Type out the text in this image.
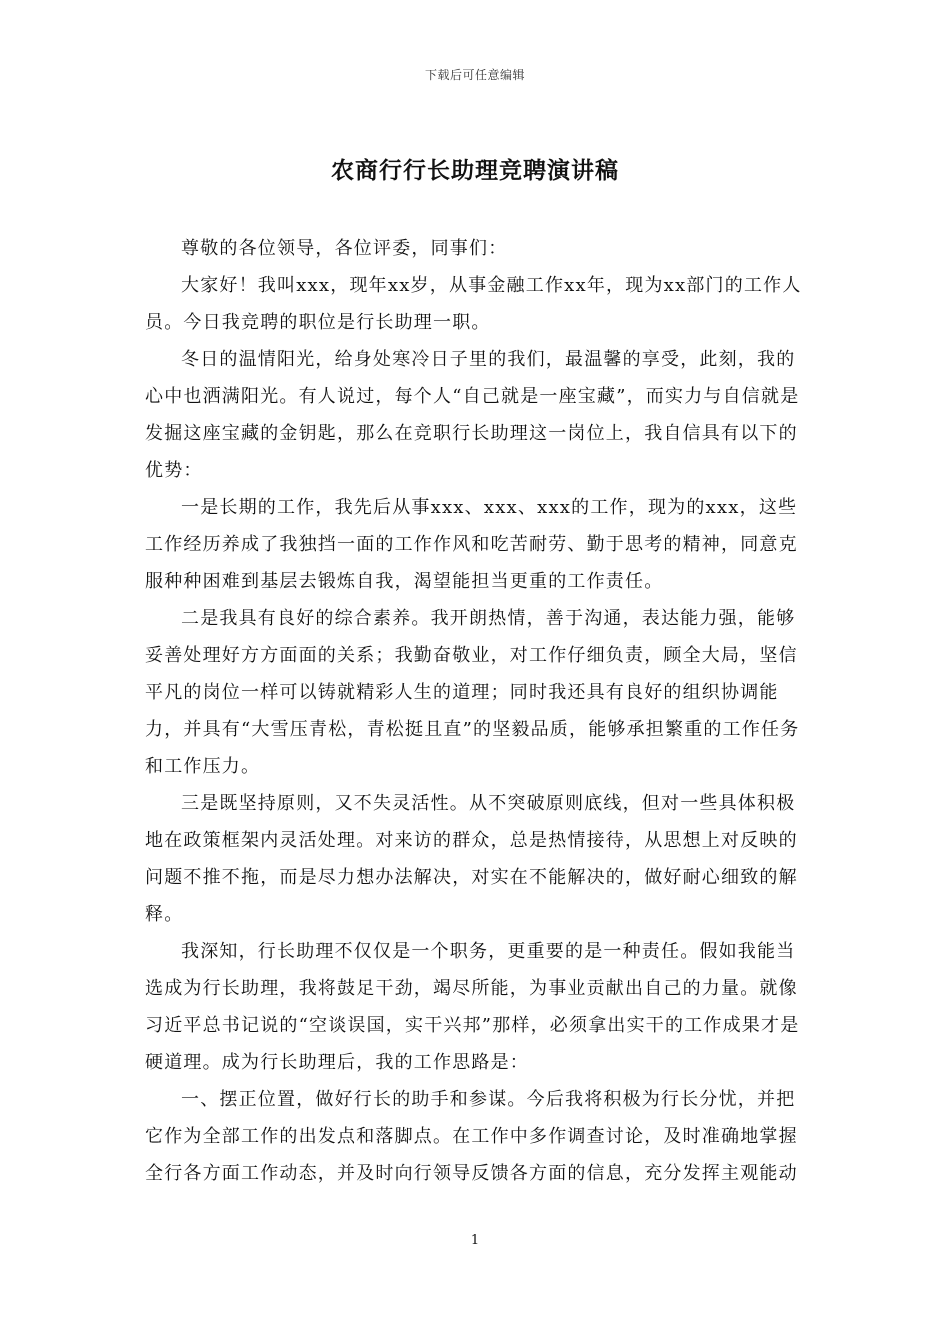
下载后可任意编辑
农商行行长助理竞聘演讲稿

尊敬的各位领导，各位评委，同事们：

大家好！我叫xxx，现年xx岁，从事金融工作xx年，现为xx部门的工作人员。今日我竞聘的职位是行长助理一职。

冬日的温情阳光，给身处寒冷日子里的我们，最温馨的享受，此刻，我的心中也洒满阳光。有人说过，每个人“自己就是一座宝藏”，而实力与自信就是发掘这座宝藏的金钥匙，那么在竞职行长助理这一岗位上，我自信具有以下的优势：

一是长期的工作，我先后从事xxx、xxx、xxx的工作，现为的xxx，这些工作经历养成了我独挡一面的工作作风和吃苦耐劳、勤于思考的精神，同意克服种种困难到基层去锻炼自我，渴望能担当更重的工作责任。

二是我具有良好的综合素养。我开朗热情，善于沟通，表达能力强，能够妥善处理好方方面面的关系；我勤奋敬业，对工作仔细负责，顾全大局，坚信平凡的岗位一样可以铸就精彩人生的道理；同时我还具有良好的组织协调能力，并具有“大雪压青松，青松挺且直”的坚毅品质，能够承担繁重的工作任务和工作压力。

三是既坚持原则，又不失灵活性。从不突破原则底线，但对一些具体积极地在政策框架内灵活处理。对来访的群众，总是热情接待，从思想上对反映的问题不推不拖，而是尽力想办法解决，对实在不能解决的，做好耐心细致的解释。

我深知，行长助理不仅仅是一个职务，更重要的是一种责任。假如我能当选成为行长助理，我将鼓足干劲，竭尽所能，为事业贡献出自己的力量。就像习近平总书记说的“空谈误国，实干兴邦”那样，必须拿出实干的工作成果才是硬道理。成为行长助理后，我的工作思路是：

一、摆正位置，做好行长的助手和参谋。今后我将积极为行长分忧，并把它作为全部工作的出发点和落脚点。在工作中多作调查讨论，及时准确地掌握全行各方面工作动态，并及时向行领导反馈各方面的信息，充分发挥主观能动

1
